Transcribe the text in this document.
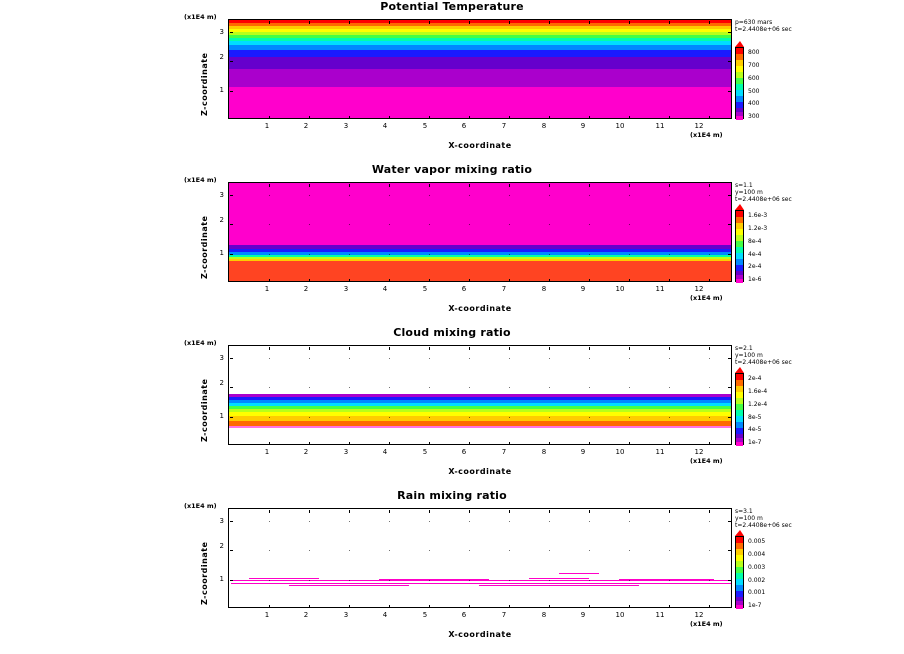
Potential Temperature
(x1E4 m)
Z-coordinate
3
2
1
1	2	3	4	5	6	7	8	9	10	11	12
(x1E4 m)
X-coordinate
p=630 mars
t=2.4408e+06 sec
800
700
600
500
400
300
Water vapor mixing ratio
(x1E4 m)
Z-coordinate
3
2
1
1	2	3	4	5	6	7	8	9	10	11	12
(x1E4 m)
X-coordinate
s=1.1
y=100 m
t=2.4408e+06 sec
1.6e-3
1.2e-3
8e-4
4e-4
2e-4
1e-6
Cloud mixing ratio
(x1E4 m)
Z-coordinate
3
2
1
1	2	3	4	5	6	7	8	9	10	11	12
(x1E4 m)
X-coordinate
s=2.1
y=100 m
t=2.4408e+06 sec
2e-4
1.6e-4
1.2e-4
8e-5
4e-5
1e-7
Rain mixing ratio
(x1E4 m)
Z-coordinate
3
2
1
1	2	3	4	5	6	7	8	9	10	11	12
(x1E4 m)
X-coordinate
s=3.1
y=100 m
t=2.4408e+06 sec
0.005
0.004
0.003
0.002
0.001
1e-7
